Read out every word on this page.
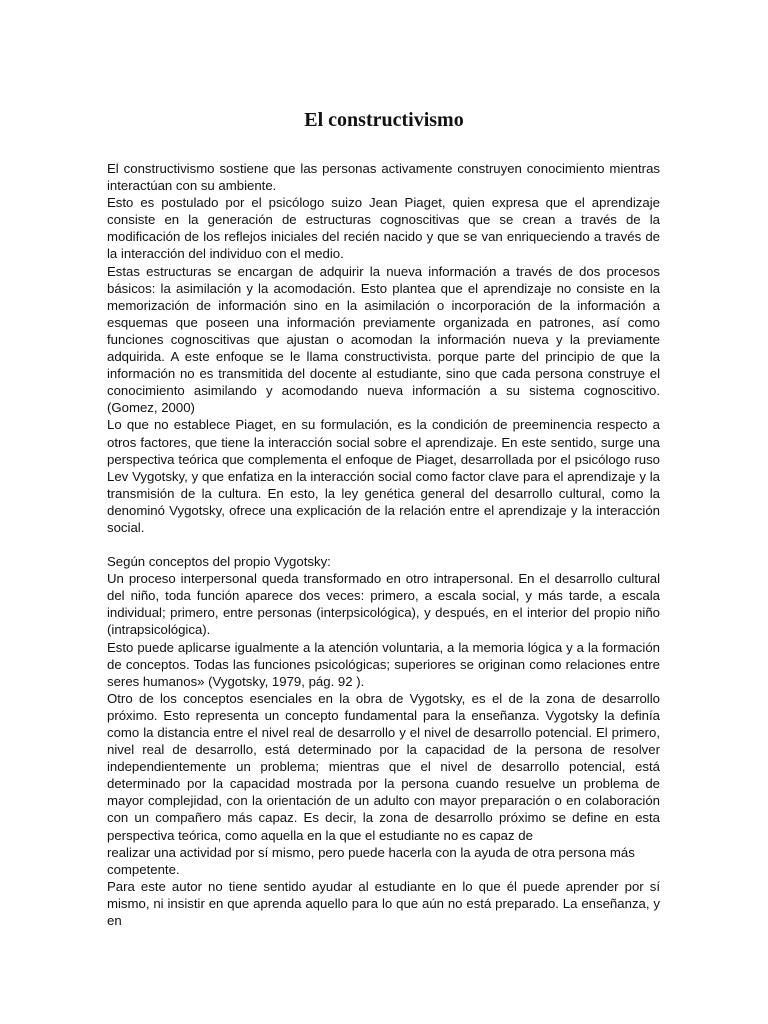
El constructivismo

El constructivismo sostiene que las personas activamente construyen conocimiento mientras interactúan con su ambiente.

Esto es postulado por el psicólogo suizo Jean Piaget, quien expresa que el aprendizaje consiste en la generación de estructuras cognoscitivas que se crean a través de la modificación de los reflejos iniciales del recién nacido y que se van enriqueciendo a través de la interacción del individuo con el medio.

Estas estructuras se encargan de adquirir la nueva información a través de dos procesos básicos: la asimilación y la acomodación. Esto plantea que el aprendizaje no consiste en la memorización de información sino en la asimilación o incorporación de la información a esquemas que poseen una información previamente organizada en patrones, así como funciones cognoscitivas que ajustan o acomodan la información nueva y la previamente adquirida. A este enfoque se le llama constructivista. porque parte del principio de que la información no es transmitida del docente al estudiante, sino que cada persona construye el conocimiento asimilando y acomodando nueva información a su sistema cognoscitivo. (Gomez, 2000)

Lo que no establece Piaget, en su formulación, es la condición de preeminencia respecto a otros factores, que tiene la interacción social sobre el aprendizaje. En este sentido, surge una perspectiva teórica que complementa el enfoque de Piaget, desarrollada por el psicólogo ruso Lev Vygotsky, y que enfatiza en la interacción social como factor clave para el aprendizaje y la transmisión de la cultura. En esto, la ley genética general del desarrollo cultural, como la denominó Vygotsky, ofrece una explicación de la relación entre el aprendizaje y la interacción social.

Según conceptos del propio Vygotsky:

Un proceso interpersonal queda transformado en otro intrapersonal. En el desarrollo cultural del niño, toda función aparece dos veces: primero, a escala social, y más tarde, a escala individual; primero, entre personas (interpsicológica), y después, en el interior del propio niño (intrapsicológica).

Esto puede aplicarse igualmente a la atención voluntaria, a la memoria lógica y a la formación de conceptos. Todas las funciones psicológicas; superiores se originan como relaciones entre seres humanos» (Vygotsky, 1979, pág. 92 ).

Otro de los conceptos esenciales en la obra de Vygotsky, es el de la zona de desarrollo próximo. Esto representa un concepto fundamental para la enseñanza. Vygotsky la definía como la distancia entre el nivel real de desarrollo y el nivel de desarrollo potencial. El primero, nivel real de desarrollo, está determinado por la capacidad de la persona de resolver independientemente un problema; mientras que el nivel de desarrollo potencial, está determinado por la capacidad mostrada por la persona cuando resuelve un problema de mayor complejidad, con la orientación de un adulto con mayor preparación o en colaboración con un compañero más capaz. Es decir, la zona de desarrollo próximo se define en esta perspectiva teórica, como aquella en la que el estudiante no es capaz de

realizar una actividad por sí mismo, pero puede hacerla con la ayuda de otra persona más competente.

Para este autor no tiene sentido ayudar al estudiante en lo que él puede aprender por sí mismo, ni insistir en que aprenda aquello para lo que aún no está preparado. La enseñanza, y en
